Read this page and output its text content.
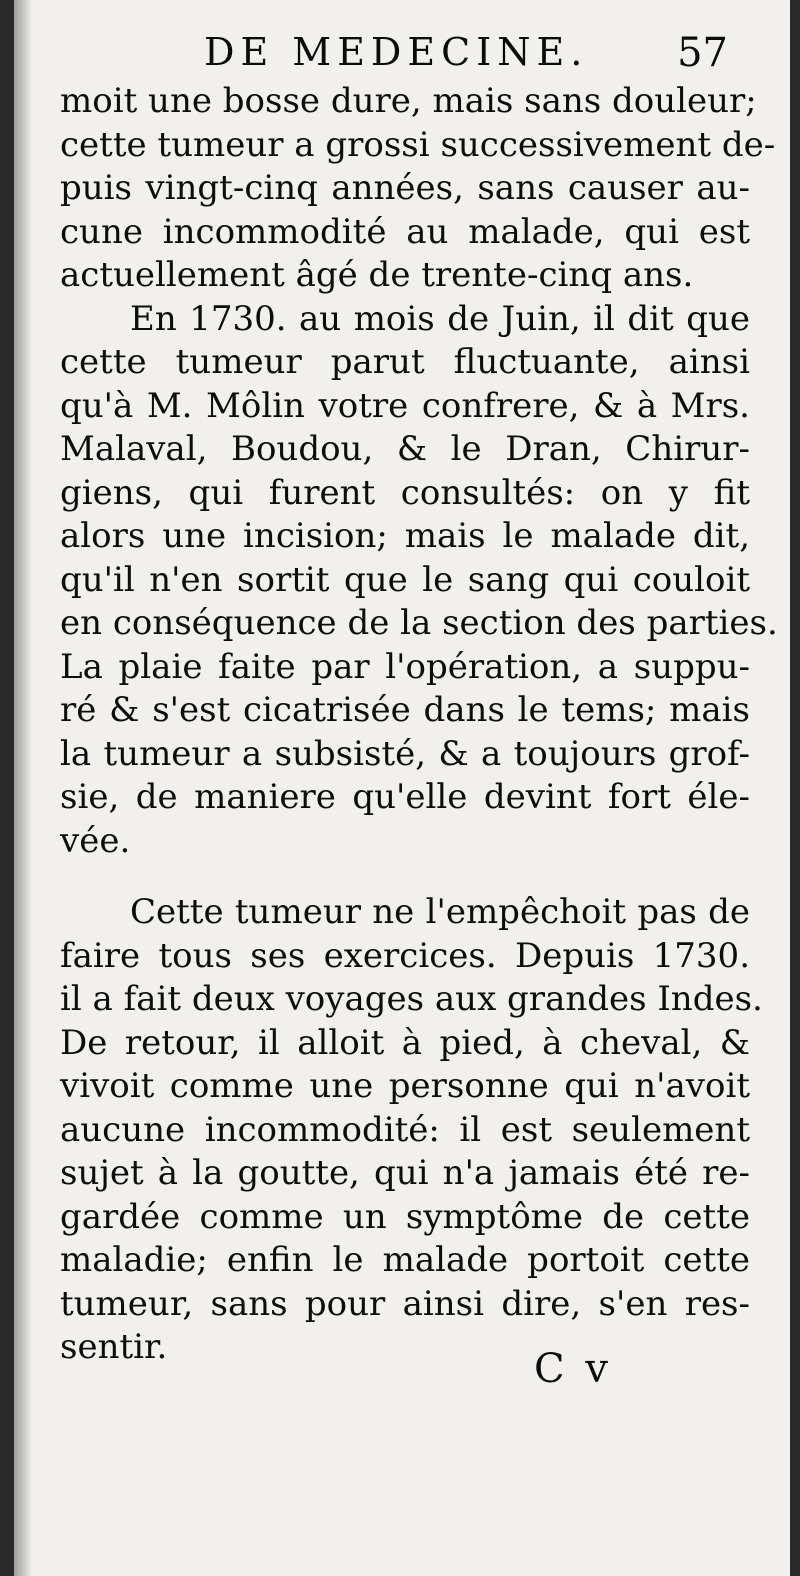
DE MEDECINE. 57
moit une bosse dure, mais sans douleur;
cette tumeur a grossi successivement de-
puis vingt-cinq années, sans causer au-
cune incommodité au malade, qui est
actuellement âgé de trente-cinq ans.
En 1730. au mois de Juin, il dit que
cette tumeur parut fluctuante, ainsi
qu'à M. Môlin votre confrere, & à Mrs.
Malaval, Boudou, & le Dran, Chirur-
giens, qui furent consultés: on y fit
alors une incision; mais le malade dit,
qu'il n'en sortit que le sang qui couloit
en conséquence de la section des parties.
La plaie faite par l'opération, a suppu-
ré & s'est cicatrisée dans le tems; mais
la tumeur a subsisté, & a toujours grof-
sie, de maniere qu'elle devint fort éle-
vée.
Cette tumeur ne l'empêchoit pas de
faire tous ses exercices. Depuis 1730.
il a fait deux voyages aux grandes Indes.
De retour, il alloit à pied, à cheval, &
vivoit comme une personne qui n'avoit
aucune incommodité: il est seulement
sujet à la goutte, qui n'a jamais été re-
gardée comme un symptôme de cette
maladie; enfin le malade portoit cette
tumeur, sans pour ainsi dire, s'en res-
sentir.	C v
